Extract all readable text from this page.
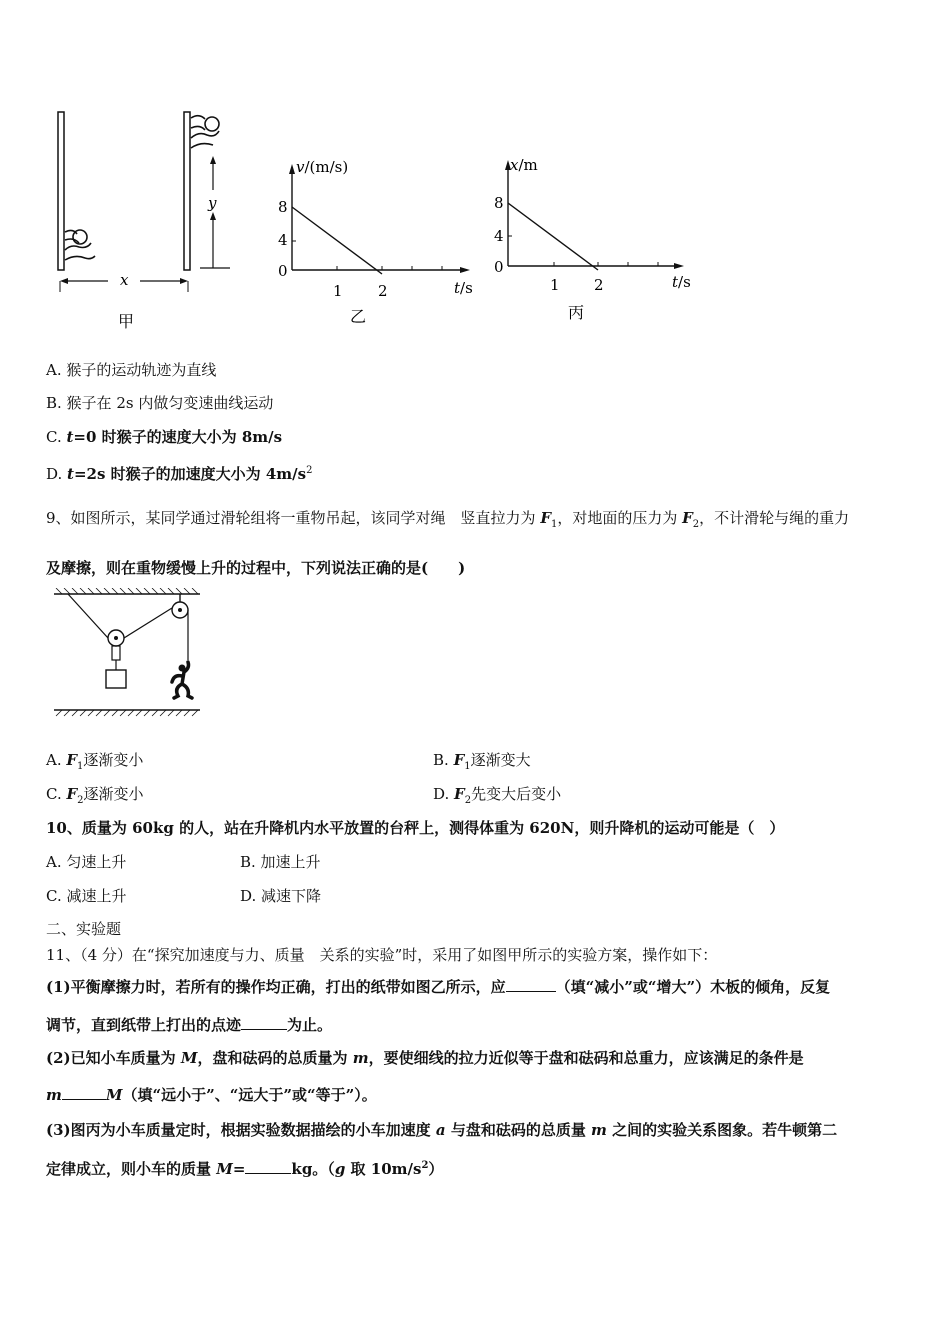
y
x
甲
v/(m/s)
t/s
8
4
0
1 2
乙
x/m
t/s
8
4
0
1 2
丙
A. 猴子的运动轨迹为直线
B. 猴子在 2s 内做匀变速曲线运动
C. t=0 时猴子的速度大小为 8m/s
D. t=2s 时猴子的加速度大小为 $4m/s^2$
9、如图所示，某同学通过滑轮组将一重物吊起，该同学对绳　竖直拉力为 $F_1$，对地面的压力为 $F_2$，不计滑轮与绳的重力
及摩擦，则在重物缓慢上升的过程中，下列说法正确的是(　　)
A. $F_1$逐渐变小	B. $F_1$逐渐变大
C. $F_2$逐渐变小	D. $F_2$先变大后变小
10、质量为 60kg 的人，站在升降机内水平放置的台秤上，测得体重为 620N，则升降机的运动可能是（　）
A. 匀速上升	B. 加速上升
C. 减速上升	D. 减速下降
二、实验题
11、（4 分）在“探究加速度与力、质量　关系的实验”时，采用了如图甲所示的实验方案，操作如下：
(1)平衡摩擦力时，若所有的操作均正确，打出的纸带如图乙所示，应	（填“减小”或“增大”）木板的倾角，反复
调节，直到纸带上打出的点迹	为止。
(2)已知小车质量为 M，盘和砝码的总质量为 m，要使细线的拉力近似等于盘和砝码和总重力，应该满足的条件是
m	M（填“远小于”、“远大于”或“等于”）。
(3)图丙为小车质量定时，根据实验数据描绘的小车加速度 a 与盘和砝码的总质量 m 之间的实验关系图象。若牛顿第二
定律成立，则小车的质量 M=	kg。（g 取 $10m/s^2$）
